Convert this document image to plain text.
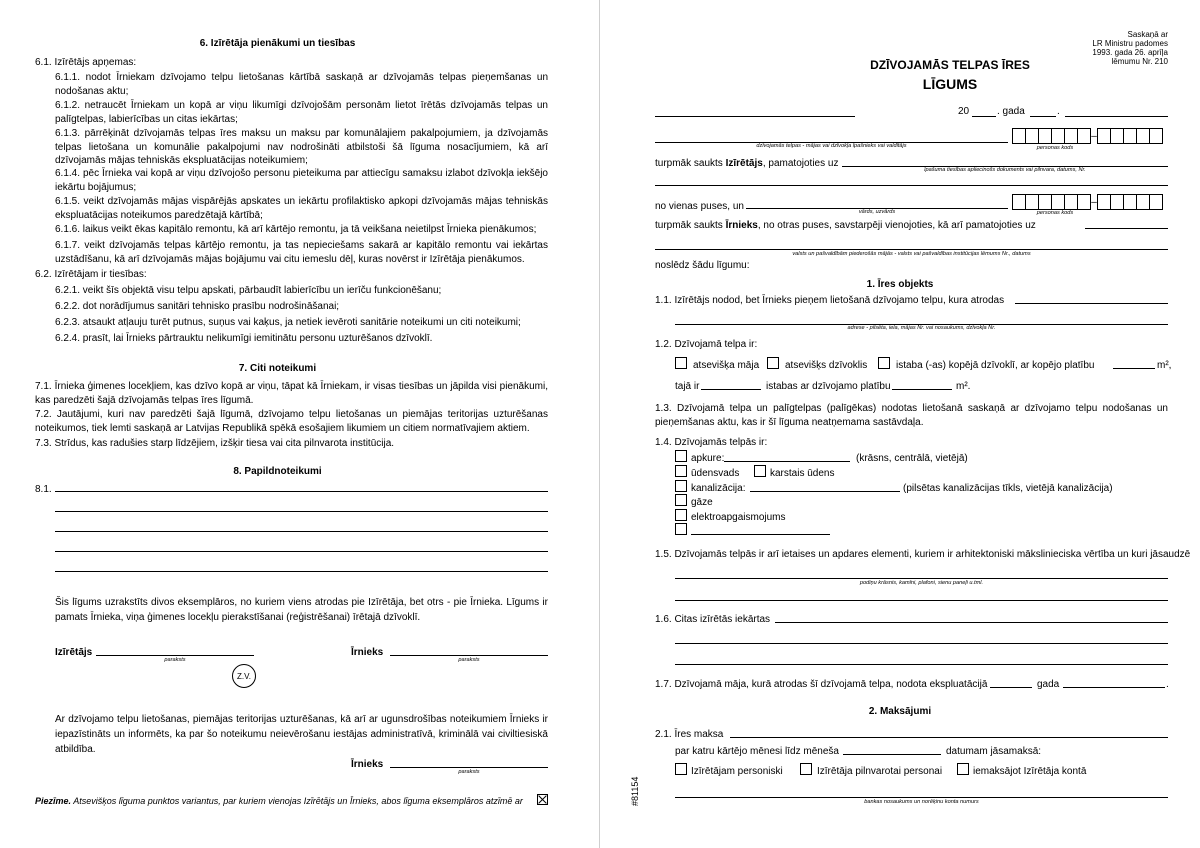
6. Izīrētāja pienākumi un tiesības
6.1. Izīrētājs apņemas:
6.1.1. nodot Īrniekam dzīvojamo telpu lietošanas kārtībā saskaņā ar dzīvojamās telpas pieņemšanas un nodošanas aktu;
6.1.2. netraucēt Īrniekam un kopā ar viņu likumīgi dzīvojošām personām lietot īrētās dzīvojamās telpas un palīgtelpas, labierīcības un citas iekārtas;
6.1.3. pārrēķināt dzīvojamās telpas īres maksu un maksu par komunālajiem pakalpojumiem, ja dzīvojamās telpas lietošana un komunālie pakalpojumi nav nodrošināti atbilstoši šā līguma nosacījumiem, kā arī dzīvojamās mājas tehniskās ekspluatācijas noteikumiem;
6.1.4. pēc Īrnieka vai kopā ar viņu dzīvojošo personu pieteikuma par attiecīgu samaksu izlabot dzīvokļa iekšējo iekārtu bojājumus;
6.1.5. veikt dzīvojamās mājas vispārējās apskates un iekārtu profilaktisko apkopi dzīvojamās mājas tehniskās ekspluatācijas noteikumos paredzētajā kārtībā;
6.1.6. laikus veikt ēkas kapitālo remontu, kā arī kārtējo remontu, ja tā veikšana neietilpst Īrnieka pienākumos;
6.1.7. veikt dzīvojamās telpas kārtējo remontu, ja tas nepieciešams sakarā ar kapitālo remontu vai iekārtas uzstādīšanu, kā arī dzīvojamās mājas bojājumu vai citu iemeslu dēļ, kuras novērst ir Izīrētāja pienākumos.
6.2. Izīrētājam ir tiesības:
6.2.1. veikt šīs objektā visu telpu apskati, pārbaudīt labierīcību un ierīču funkcionēšanu;
6.2.2. dot norādījumus sanitāri tehnisko prasību nodrošināšanai;
6.2.3. atsaukt atļauju turēt putnus, suņus vai kaķus, ja netiek ievēroti sanitārie noteikumi un citi noteikumi;
6.2.4. prasīt, lai Īrnieks pārtrauktu nelikumīgi iemitinātu personu uzturēšanos dzīvoklī.
7. Citi noteikumi
7.1. Īrnieka ģimenes locekļiem, kas dzīvo kopā ar viņu, tāpat kā Īrniekam, ir visas tiesības un jāpilda visi pienākumi, kas paredzēti šajā dzīvojamās telpas īres līgumā.
7.2. Jautājumi, kuri nav paredzēti šajā līgumā, dzīvojamo telpu lietošanas un piemājas teritorijas uzturēšanas noteikumos, tiek lemti saskaņā ar Latvijas Republikā spēkā esošajiem likumiem un citiem normatīvajiem aktiem.
7.3. Strīdus, kas radušies starp līdzējiem, izšķir tiesa vai cita pilnvarota institūcija.
8. Papildnoteikumi
8.1.
Šis līgums uzrakstīts divos eksemplāros, no kuriem viens atrodas pie Izīrētāja, bet otrs - pie Īrnieka. Līgums ir pamats Īrnieka, viņa ģimenes locekļu pierakstīšanai (reģistrēšanai) īrētajā dzīvoklī.
Izīrētājs
paraksts
Īrnieks
paraksts
Z.V.
Ar dzīvojamo telpu lietošanas, piemājas teritorijas uzturēšanas, kā arī ar ugunsdrošības noteikumiem Īrnieks ir iepazīstināts un informēts, ka par šo noteikumu neievērošanu iestājas administratīvā, kriminālā vai civiltiesiskā atbildība.
Īrnieks
paraksts
Piezīme. Atsevišķos līguma punktos variantus, par kuriem vienojas Izīrētājs un Īrnieks, abos līguma eksemplāros atzīmē ar
Saskaņā ar
LR Ministru padomes
1993. gada 26. aprīļa
lēmumu Nr. 210
DZĪVOJAMĀS TELPAS ĪRES
LĪGUMS
20	. gada	.
dzīvojamās telpas - mājas vai dzīvokļa īpašnieks vai valdītājs
–
personas kods
turpmāk saukts Izīrētājs, pamatojoties uz
īpašuma tiesības apliecinošs dokuments vai pilnvara, datums, Nr.
no vienas puses, un	vārds, uzvārds
–
personas kods
turpmāk saukts Īrnieks, no otras puses, savstarpēji vienojoties, kā arī pamatojoties uz
valsts un pašvaldībām piederošās mājās - valsts vai pašvaldības institūcijas lēmums Nr., datums
noslēdz šādu līgumu:
1. Īres objekts
1.1. Izīrētājs nodod, bet Īrnieks pieņem lietošanā dzīvojamo telpu, kura atrodas
adrese - pilsēta, iela, mājas Nr. vai nosaukums, dzīvokļa Nr.
1.2. Dzīvojamā telpa ir:
atsevišķa māja	atsevišķs dzīvoklis	istaba (-as) kopējā dzīvoklī, ar kopējo platību	m²,
tajā ir	istabas ar dzīvojamo platību	m².
1.3. Dzīvojamā telpa un palīgtelpas (palīgēkas) nodotas lietošanā saskaņā ar dzīvojamo telpu nodošanas un pieņemšanas aktu, kas ir šī līguma neatņemama sastāvdaļa.
1.4. Dzīvojamās telpās ir:
apkure:	(krāsns, centrālā, vietējā)
ūdensvads	karstais ūdens
kanalizācija:	(pilsētas kanalizācijas tīkls, vietējā kanalizācija)
gāze
elektroapgaismojums
1.5. Dzīvojamās telpās ir arī ietaises un apdares elementi, kuriem ir arhitektoniski mākslinieciska vērtība un kuri jāsaudzē
podiņu krāsnis, kamīni, plafoni, sienu paneļi u.tml.
1.6. Citas izīrētās iekārtas
1.7. Dzīvojamā māja, kurā atrodas šī dzīvojamā telpa, nodota ekspluatācijā	gada	.
2. Maksājumi
2.1. Īres maksa
par katru kārtējo mēnesi līdz mēneša	datumam jāsamaksā:
Izīrētājam personiski	Izīrētāja pilnvarotai personai	iemaksājot Izīrētāja kontā
bankas nosaukums un norēķinu konta numurs
#81154
